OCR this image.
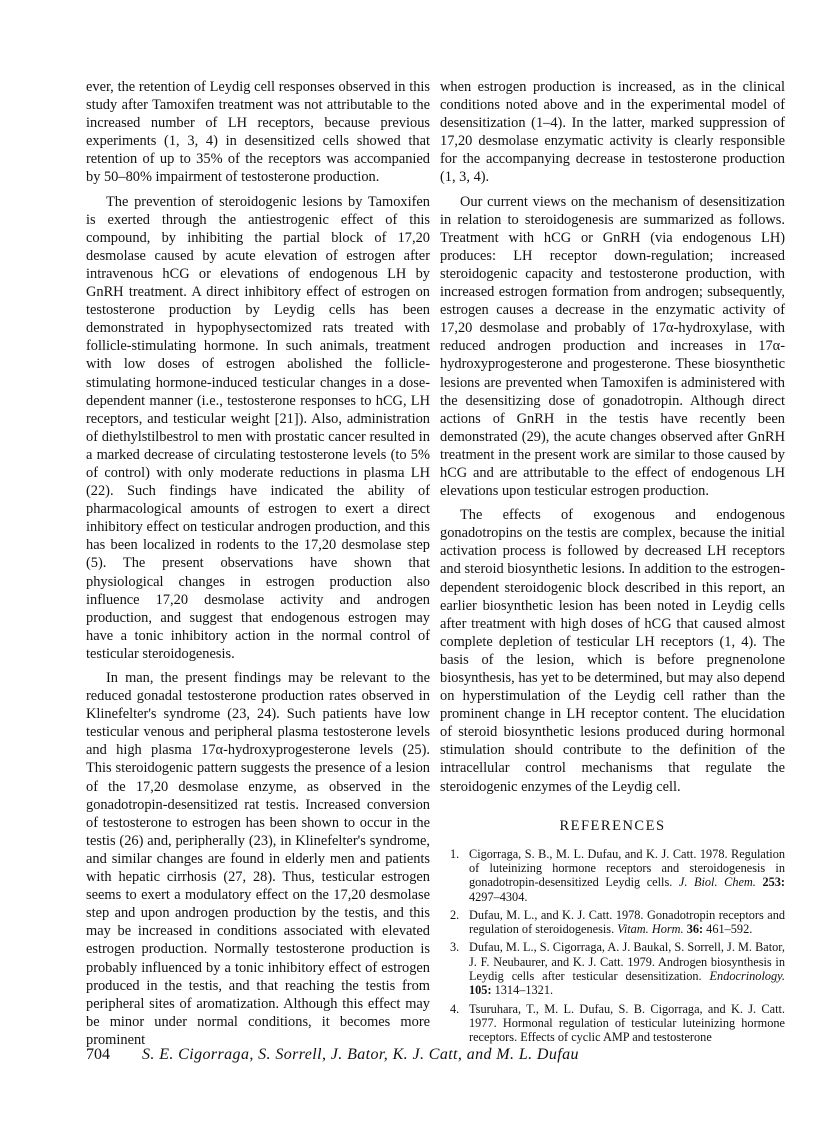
ever, the retention of Leydig cell responses observed in this study after Tamoxifen treatment was not attributable to the increased number of LH receptors, because previous experiments (1, 3, 4) in desensitized cells showed that retention of up to 35% of the receptors was accompanied by 50–80% impairment of testosterone production.

The prevention of steroidogenic lesions by Tamoxifen is exerted through the antiestrogenic effect of this compound, by inhibiting the partial block of 17,20 desmolase caused by acute elevation of estrogen after intravenous hCG or elevations of endogenous LH by GnRH treatment. A direct inhibitory effect of estrogen on testosterone production by Leydig cells has been demonstrated in hypophysectomized rats treated with follicle-stimulating hormone. In such animals, treatment with low doses of estrogen abolished the follicle-stimulating hormone-induced testicular changes in a dose-dependent manner (i.e., testosterone responses to hCG, LH receptors, and testicular weight [21]). Also, administration of diethylstilbestrol to men with prostatic cancer resulted in a marked decrease of circulating testosterone levels (to 5% of control) with only moderate reductions in plasma LH (22). Such findings have indicated the ability of pharmacological amounts of estrogen to exert a direct inhibitory effect on testicular androgen production, and this has been localized in rodents to the 17,20 desmolase step (5). The present observations have shown that physiological changes in estrogen production also influence 17,20 desmolase activity and androgen production, and suggest that endogenous estrogen may have a tonic inhibitory action in the normal control of testicular steroidogenesis.

In man, the present findings may be relevant to the reduced gonadal testosterone production rates observed in Klinefelter's syndrome (23, 24). Such patients have low testicular venous and peripheral plasma testosterone levels and high plasma 17α-hydroxyprogesterone levels (25). This steroidogenic pattern suggests the presence of a lesion of the 17,20 desmolase enzyme, as observed in the gonadotropin-desensitized rat testis. Increased conversion of testosterone to estrogen has been shown to occur in the testis (26) and, peripherally (23), in Klinefelter's syndrome, and similar changes are found in elderly men and patients with hepatic cirrhosis (27, 28). Thus, testicular estrogen seems to exert a modulatory effect on the 17,20 desmolase step and upon androgen production by the testis, and this may be increased in conditions associated with elevated estrogen production. Normally testosterone production is probably influenced by a tonic inhibitory effect of estrogen produced in the testis, and that reaching the testis from peripheral sites of aromatization. Although this effect may be minor under normal conditions, it becomes more prominent

when estrogen production is increased, as in the clinical conditions noted above and in the experimental model of desensitization (1–4). In the latter, marked suppression of 17,20 desmolase enzymatic activity is clearly responsible for the accompanying decrease in testosterone production (1, 3, 4).

Our current views on the mechanism of desensitization in relation to steroidogenesis are summarized as follows. Treatment with hCG or GnRH (via endogenous LH) produces: LH receptor down-regulation; increased steroidogenic capacity and testosterone production, with increased estrogen formation from androgen; subsequently, estrogen causes a decrease in the enzymatic activity of 17,20 desmolase and probably of 17α-hydroxylase, with reduced androgen production and increases in 17α-hydroxyprogesterone and progesterone. These biosynthetic lesions are prevented when Tamoxifen is administered with the desensitizing dose of gonadotropin. Although direct actions of GnRH in the testis have recently been demonstrated (29), the acute changes observed after GnRH treatment in the present work are similar to those caused by hCG and are attributable to the effect of endogenous LH elevations upon testicular estrogen production.

The effects of exogenous and endogenous gonadotropins on the testis are complex, because the initial activation process is followed by decreased LH receptors and steroid biosynthetic lesions. In addition to the estrogen-dependent steroidogenic block described in this report, an earlier biosynthetic lesion has been noted in Leydig cells after treatment with high doses of hCG that caused almost complete depletion of testicular LH receptors (1, 4). The basis of the lesion, which is before pregnenolone biosynthesis, has yet to be determined, but may also depend on hyperstimulation of the Leydig cell rather than the prominent change in LH receptor content. The elucidation of steroid biosynthetic lesions produced during hormonal stimulation should contribute to the definition of the intracellular control mechanisms that regulate the steroidogenic enzymes of the Leydig cell.

REFERENCES
1. Cigorraga, S. B., M. L. Dufau, and K. J. Catt. 1978. Regulation of luteinizing hormone receptors and steroidogenesis in gonadotropin-desensitized Leydig cells. J. Biol. Chem. 253: 4297–4304.
2. Dufau, M. L., and K. J. Catt. 1978. Gonadotropin receptors and regulation of steroidogenesis. Vitam. Horm. 36: 461–592.
3. Dufau, M. L., S. Cigorraga, A. J. Baukal, S. Sorrell, J. M. Bator, J. F. Neubaurer, and K. J. Catt. 1979. Androgen biosynthesis in Leydig cells after testicular desensitization. Endocrinology. 105: 1314–1321.
4. Tsuruhara, T., M. L. Dufau, S. B. Cigorraga, and K. J. Catt. 1977. Hormonal regulation of testicular luteinizing hormone receptors. Effects of cyclic AMP and testosterone
704 S. E. Cigorraga, S. Sorrell, J. Bator, K. J. Catt, and M. L. Dufau
